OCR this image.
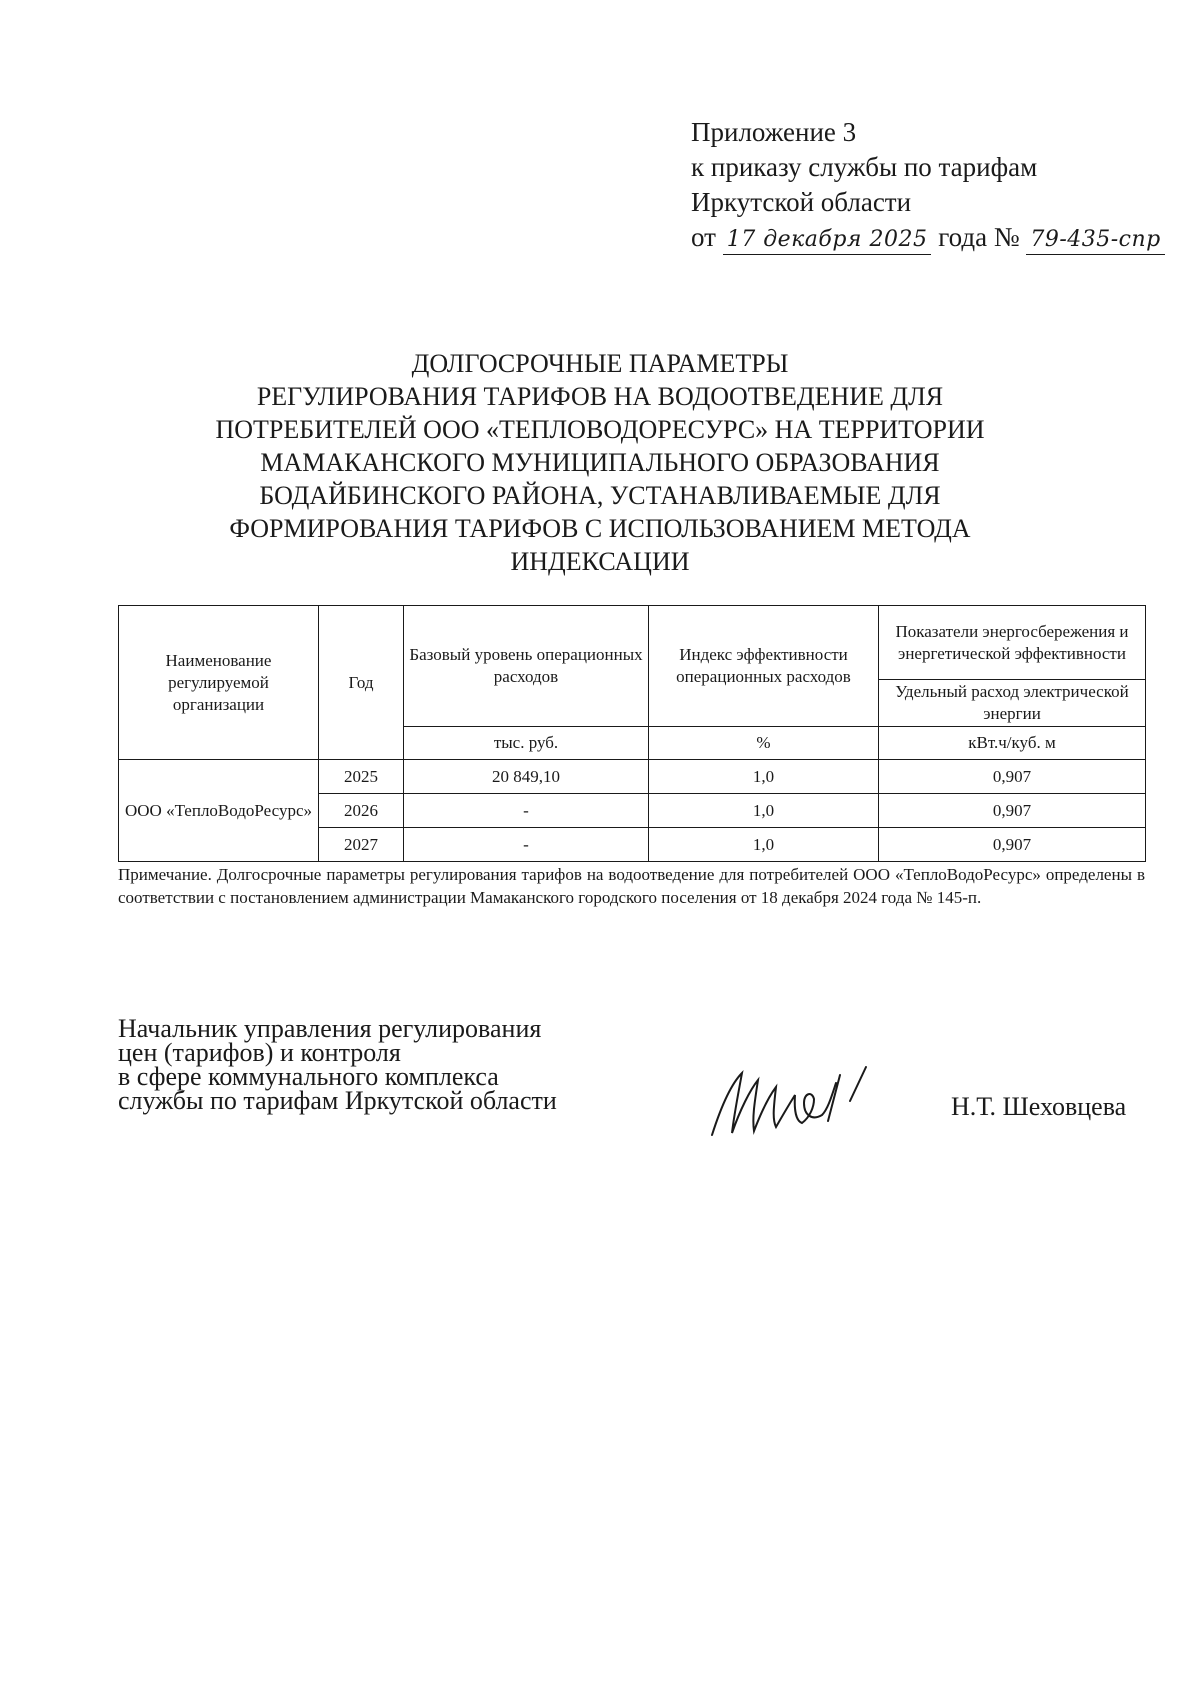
Приложение 3
к приказу службы по тарифам
Иркутской области
от 17 декабря 2025 года № 79-435-спр
ДОЛГОСРОЧНЫЕ ПАРАМЕТРЫ
РЕГУЛИРОВАНИЯ ТАРИФОВ НА ВОДООТВЕДЕНИЕ ДЛЯ
ПОТРЕБИТЕЛЕЙ ООО «ТЕПЛОВОДОРЕСУРС» НА ТЕРРИТОРИИ
МАМАКАНСКОГО МУНИЦИПАЛЬНОГО ОБРАЗОВАНИЯ
БОДАЙБИНСКОГО РАЙОНА, УСТАНАВЛИВАЕМЫЕ ДЛЯ
ФОРМИРОВАНИЯ ТАРИФОВ С ИСПОЛЬЗОВАНИЕМ МЕТОДА
ИНДЕКСАЦИИ
Наименование регулируемой организации	Год	Базовый уровень операционных расходов	Индекс эффективности операционных расходов	Показатели энергосбережения и энергетической эффективности
				Удельный расход электрической энергии
		тыс. руб.	%	кВт.ч/куб. м
ООО «ТеплоВодоРесурс»	2025	20 849,10	1,0	0,907
	2026	-	1,0	0,907
	2027	-	1,0	0,907
Примечание. Долгосрочные параметры регулирования тарифов на водоотведение для потребителей ООО «ТеплоВодоРесурс» определены в соответствии с постановлением администрации Мамаканского городского поселения от 18 декабря 2024 года № 145-п.
Начальник управления регулирования
цен (тарифов) и контроля
в сфере коммунального комплекса
службы по тарифам Иркутской области	Н.Т. Шеховцева
